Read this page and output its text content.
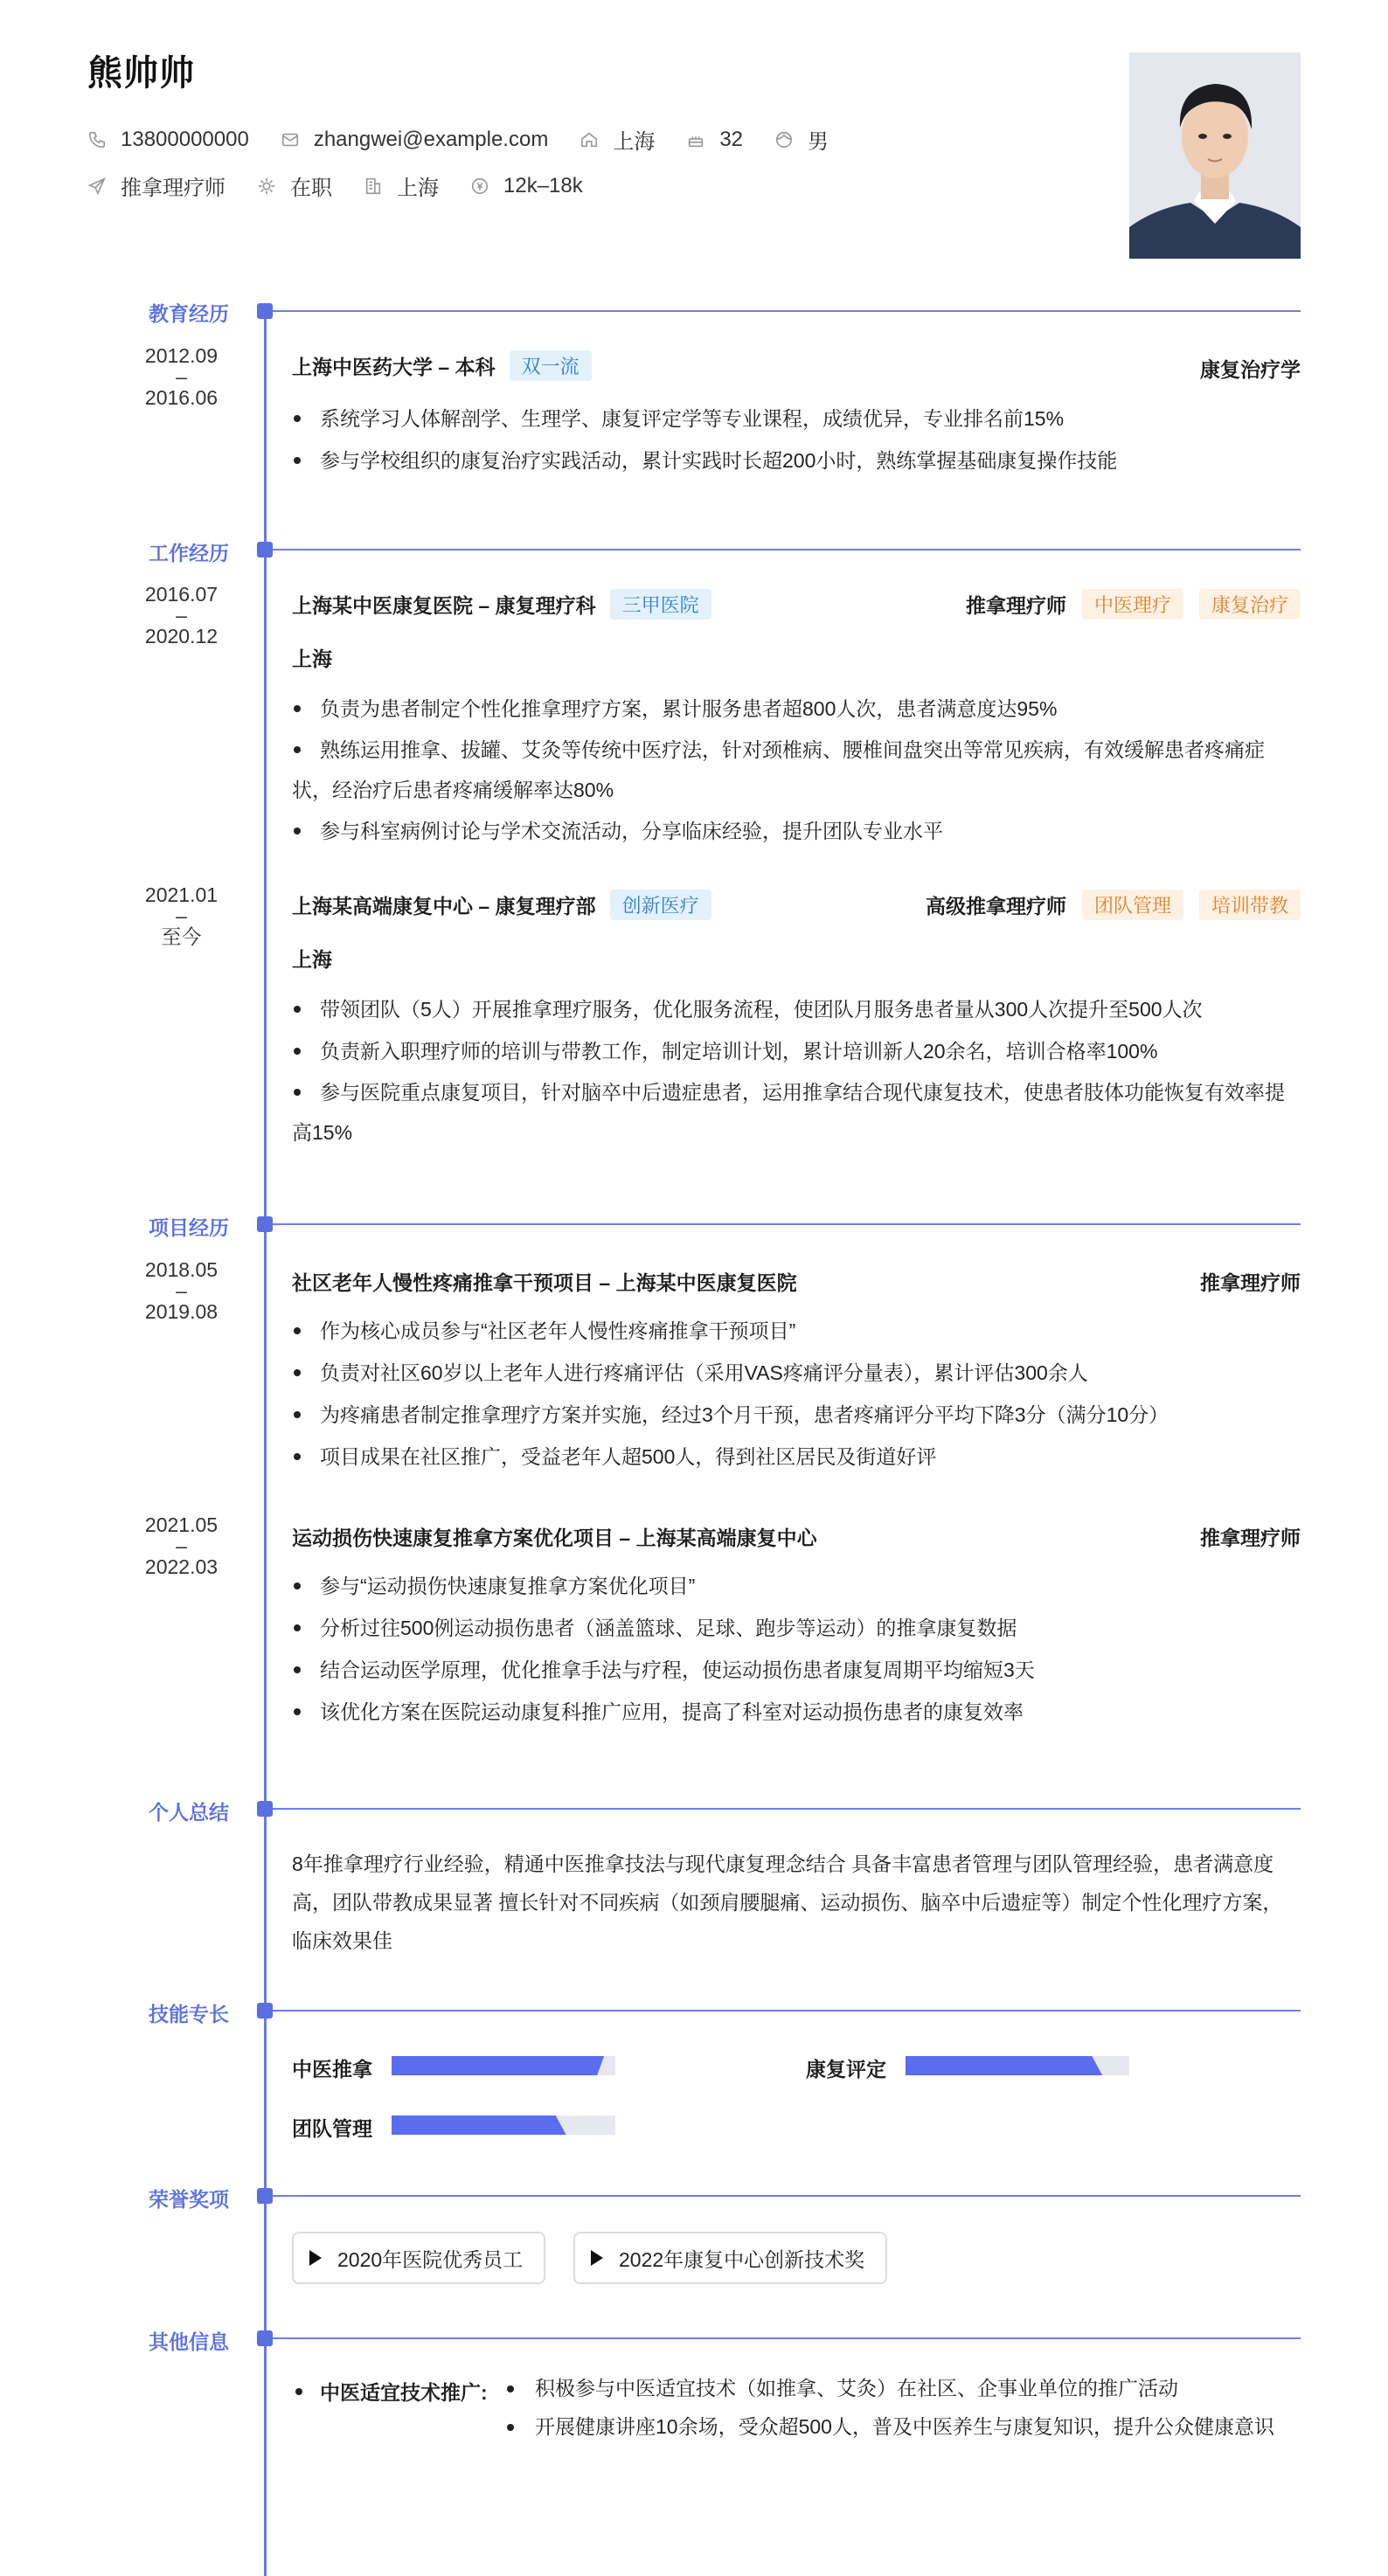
熊帅帅
13800000000	zhangwei@example.com	上海	32	男
推拿理疗师	在职	上海	12k–18k
教育经历
2012.09
–
2016.06
上海中医药大学 – 本科	双一流	康复治疗学
系统学习人体解剖学、生理学、康复评定学等专业课程，成绩优异，专业排名前15%
参与学校组织的康复治疗实践活动，累计实践时长超200小时，熟练掌握基础康复操作技能
工作经历
2016.07
–
2020.12
上海某中医康复医院 – 康复理疗科	三甲医院	推拿理疗师	中医理疗	康复治疗
上海
负责为患者制定个性化推拿理疗方案，累计服务患者超800人次，患者满意度达95%
熟练运用推拿、拔罐、艾灸等传统中医疗法，针对颈椎病、腰椎间盘突出等常见疾病，有效缓解患者疼痛症状，经治疗后患者疼痛缓解率达80%
参与科室病例讨论与学术交流活动，分享临床经验，提升团队专业水平
2021.01
–
至今
上海某高端康复中心 – 康复理疗部	创新医疗	高级推拿理疗师	团队管理	培训带教
上海
带领团队（5人）开展推拿理疗服务，优化服务流程，使团队月服务患者量从300人次提升至500人次
负责新入职理疗师的培训与带教工作，制定培训计划，累计培训新人20余名，培训合格率100%
参与医院重点康复项目，针对脑卒中后遗症患者，运用推拿结合现代康复技术，使患者肢体功能恢复有效率提高15%
项目经历
2018.05
–
2019.08
社区老年人慢性疼痛推拿干预项目 – 上海某中医康复医院	推拿理疗师
作为核心成员参与“社区老年人慢性疼痛推拿干预项目”
负责对社区60岁以上老年人进行疼痛评估（采用VAS疼痛评分量表），累计评估300余人
为疼痛患者制定推拿理疗方案并实施，经过3个月干预，患者疼痛评分平均下降3分（满分10分）
项目成果在社区推广，受益老年人超500人，得到社区居民及街道好评
2021.05
–
2022.03
运动损伤快速康复推拿方案优化项目 – 上海某高端康复中心	推拿理疗师
参与“运动损伤快速康复推拿方案优化项目”
分析过往500例运动损伤患者（涵盖篮球、足球、跑步等运动）的推拿康复数据
结合运动医学原理，优化推拿手法与疗程，使运动损伤患者康复周期平均缩短3天
该优化方案在医院运动康复科推广应用，提高了科室对运动损伤患者的康复效率
个人总结
8年推拿理疗行业经验，精通中医推拿技法与现代康复理念结合 具备丰富患者管理与团队管理经验，患者满意度高，团队带教成果显著 擅长针对不同疾病（如颈肩腰腿痛、运动损伤、脑卒中后遗症等）制定个性化理疗方案，临床效果佳
技能专长
中医推拿	康复评定
团队管理
荣誉奖项
2020年医院优秀员工	2022年康复中心创新技术奖
其他信息
中医适宜技术推广:	积极参与中医适宜技术（如推拿、艾灸）在社区、企事业单位的推广活动
开展健康讲座10余场，受众超500人，普及中医养生与康复知识，提升公众健康意识
